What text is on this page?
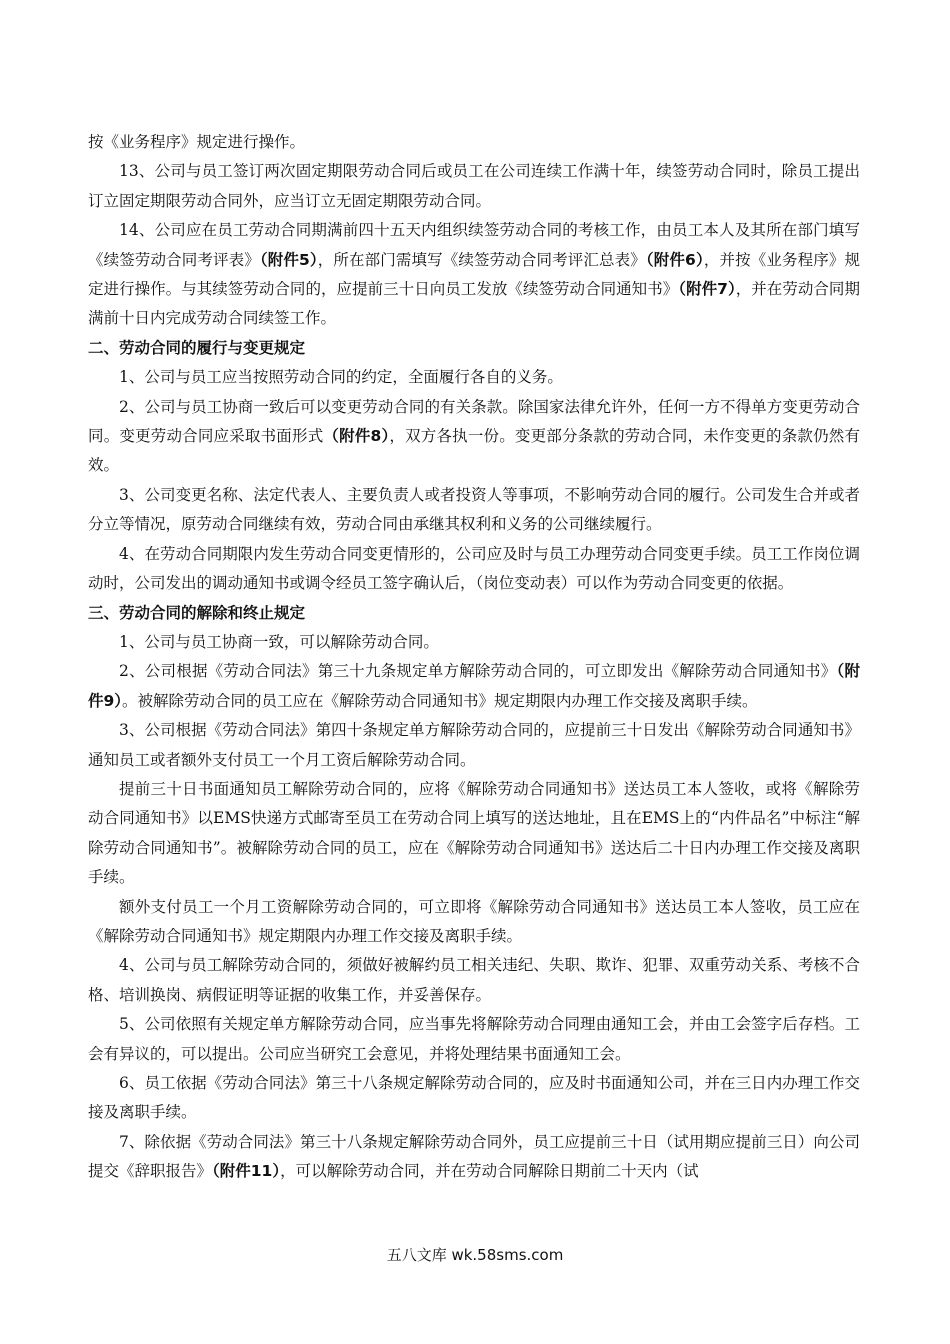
按《业务程序》规定进行操作。

13、公司与员工签订两次固定期限劳动合同后或员工在公司连续工作满十年，续签劳动合同时，除员工提出订立固定期限劳动合同外，应当订立无固定期限劳动合同。

14、公司应在员工劳动合同期满前四十五天内组织续签劳动合同的考核工作，由员工本人及其所在部门填写《续签劳动合同考评表》（附件5），所在部门需填写《续签劳动合同考评汇总表》（附件6），并按《业务程序》规定进行操作。与其续签劳动合同的，应提前三十日向员工发放《续签劳动合同通知书》（附件7），并在劳动合同期满前十日内完成劳动合同续签工作。

二、劳动合同的履行与变更规定

1、公司与员工应当按照劳动合同的约定，全面履行各自的义务。

2、公司与员工协商一致后可以变更劳动合同的有关条款。除国家法律允许外，任何一方不得单方变更劳动合同。变更劳动合同应采取书面形式（附件8），双方各执一份。变更部分条款的劳动合同，未作变更的条款仍然有效。

3、公司变更名称、法定代表人、主要负责人或者投资人等事项，不影响劳动合同的履行。公司发生合并或者分立等情况，原劳动合同继续有效，劳动合同由承继其权利和义务的公司继续履行。

4、在劳动合同期限内发生劳动合同变更情形的，公司应及时与员工办理劳动合同变更手续。员工工作岗位调动时，公司发出的调动通知书或调令经员工签字确认后，（岗位变动表）可以作为劳动合同变更的依据。

三、劳动合同的解除和终止规定

1、公司与员工协商一致，可以解除劳动合同。

2、公司根据《劳动合同法》第三十九条规定单方解除劳动合同的，可立即发出《解除劳动合同通知书》（附件9）。被解除劳动合同的员工应在《解除劳动合同通知书》规定期限内办理工作交接及离职手续。

3、公司根据《劳动合同法》第四十条规定单方解除劳动合同的，应提前三十日发出《解除劳动合同通知书》通知员工或者额外支付员工一个月工资后解除劳动合同。

提前三十日书面通知员工解除劳动合同的，应将《解除劳动合同通知书》送达员工本人签收，或将《解除劳动合同通知书》以EMS快递方式邮寄至员工在劳动合同上填写的送达地址，且在EMS上的“内件品名”中标注“解除劳动合同通知书”。被解除劳动合同的员工，应在《解除劳动合同通知书》送达后二十日内办理工作交接及离职手续。

额外支付员工一个月工资解除劳动合同的，可立即将《解除劳动合同通知书》送达员工本人签收，员工应在《解除劳动合同通知书》规定期限内办理工作交接及离职手续。

4、公司与员工解除劳动合同的，须做好被解约员工相关违纪、失职、欺诈、犯罪、双重劳动关系、考核不合格、培训换岗、病假证明等证据的收集工作，并妥善保存。

5、公司依照有关规定单方解除劳动合同，应当事先将解除劳动合同理由通知工会，并由工会签字后存档。工会有异议的，可以提出。公司应当研究工会意见，并将处理结果书面通知工会。

6、员工依据《劳动合同法》第三十八条规定解除劳动合同的，应及时书面通知公司，并在三日内办理工作交接及离职手续。

7、除依据《劳动合同法》第三十八条规定解除劳动合同外，员工应提前三十日（试用期应提前三日）向公司提交《辞职报告》（附件11），可以解除劳动合同，并在劳动合同解除日期前二十天内（试

五八文库 wk.58sms.com
